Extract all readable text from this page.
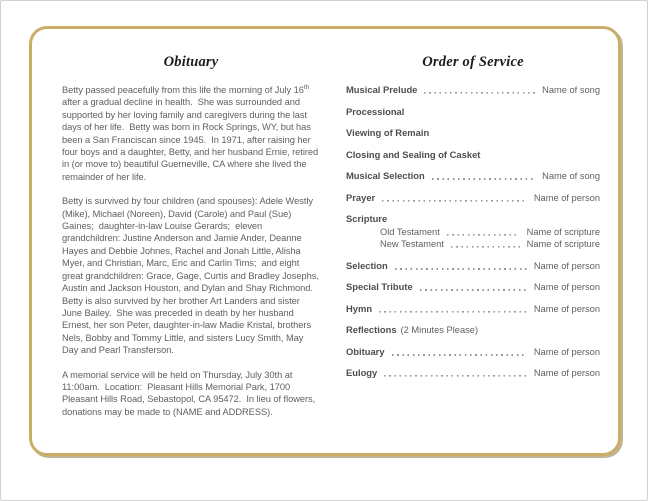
Obituary

Betty passed peacefully from this life the morning of July 16th after a gradual decline in health.  She was surrounded and supported by her loving family and caregivers during the last days of her life.  Betty was born in Rock Springs, WY, but has been a San Franciscan since 1945.  In 1971, after raising her four boys and a daughter, Betty, and her husband Ernie, retired in (or move to) beautiful Guerneville, CA where she lived the remainder of her life.

Betty is survived by four children (and spouses): Adele Westly (Mike), Michael (Noreen), David (Carole) and Paul (Sue) Gaines;  daughter-in-law Louise Gerards;  eleven grandchildren: Justine Anderson and Jamie Ander, Deanne Hayes and Debbie Johnes, Rachel and Jonah Little, Alisha Myer, and Christian, Marc, Eric and Carlin Tims;  and eight great grandchildren: Grace, Gage, Curtis and Bradley Josephs, Austin and Jackson Houston, and Dylan and Shay Richmond.  Betty is also survived by her brother Art Landers and sister June Bailey.  She was preceded in death by her husband Ernest, her son Peter, daughter-in-law Madie Kristal, brothers Nels, Bobby and Tommy Little, and sisters Lucy Smith, May Day and Pearl Transferson.

A memorial service will be held on Thursday, July 30th at 11:00am.  Location:  Pleasant Hills Memorial Park, 1700 Pleasant Hills Road, Sebastopol, CA 95472.  In lieu of flowers, donations may be made to (NAME and ADDRESS).

Order of Service
Musical Prelude	Name of song
Processional
Viewing of Remain
Closing and Sealing of Casket
Musical Selection	Name of song
Prayer	Name of person
Scripture
Old Testament	Name of scripture
New Testament	Name of scripture
Selection	Name of person
Special Tribute	Name of person
Hymn	Name of person
Reflections (2 Minutes Please)
Obituary	Name of person
Eulogy	Name of person
